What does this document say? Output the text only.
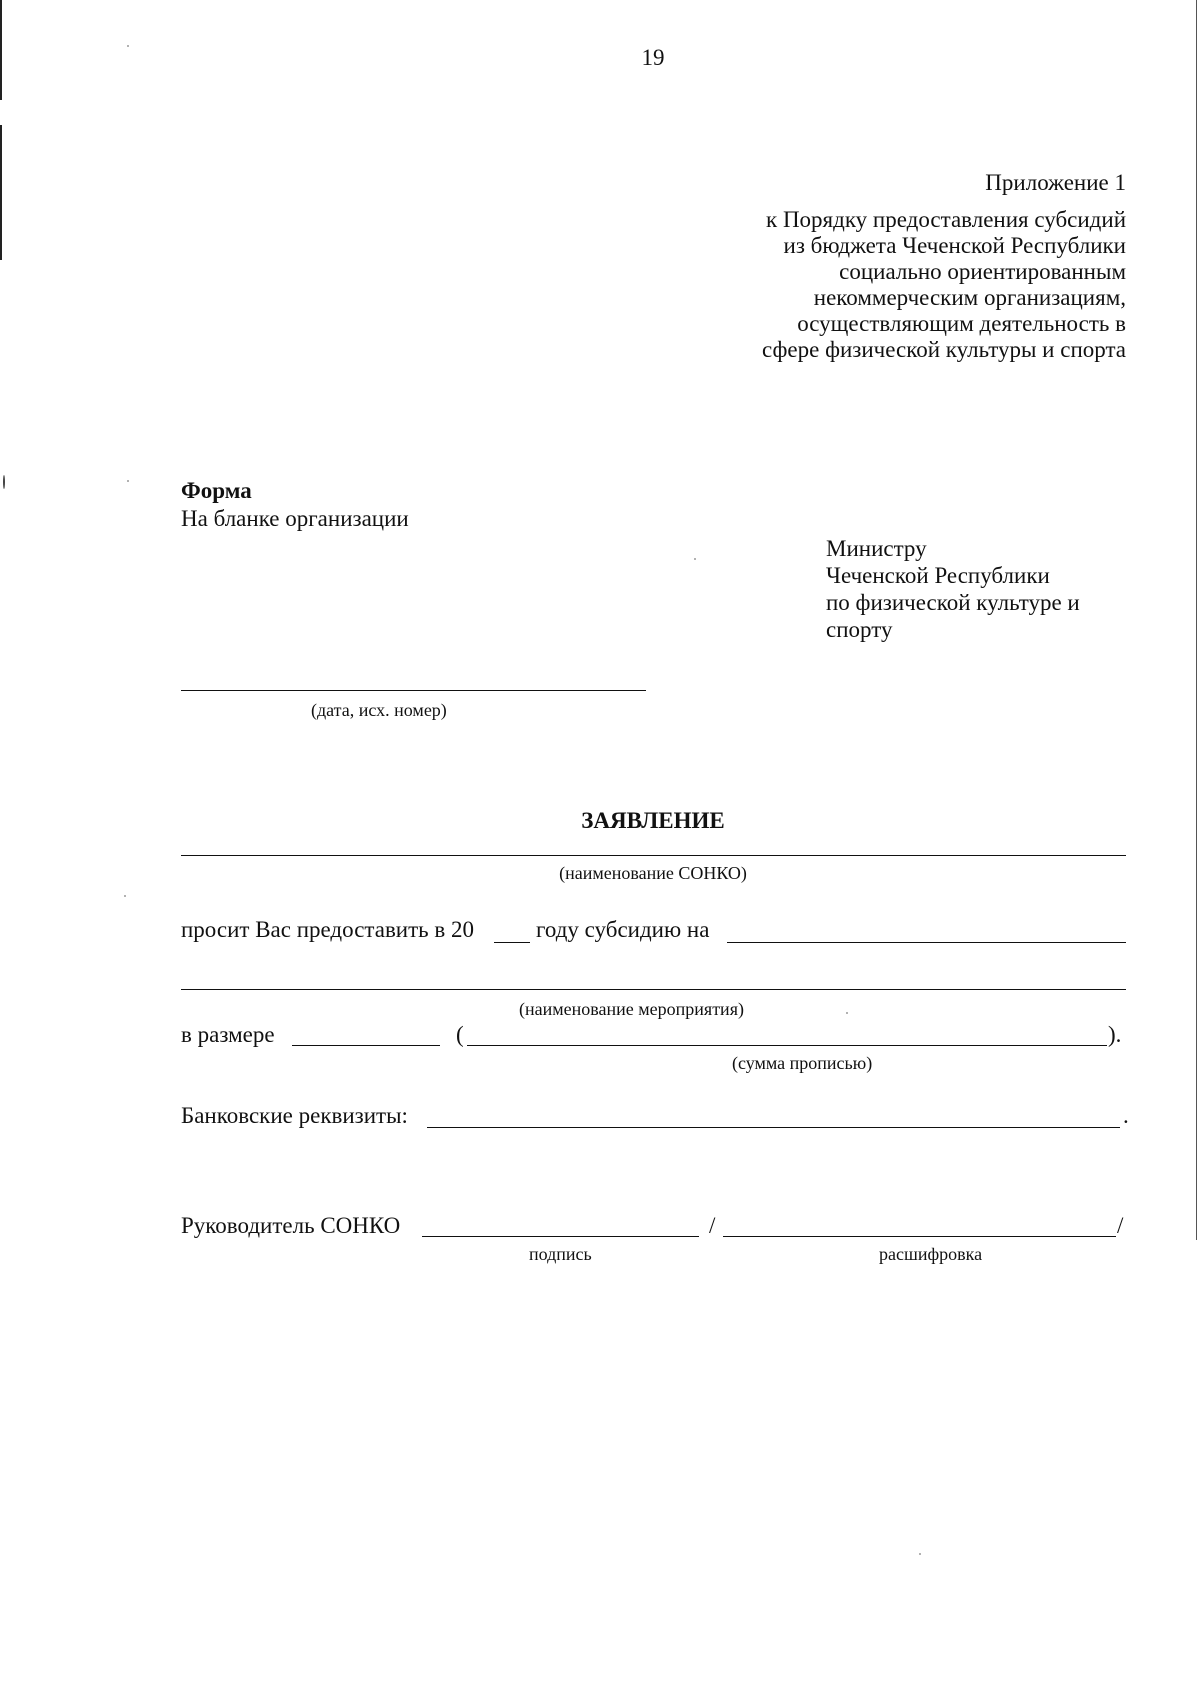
19
Приложение 1
к Порядку предоставления субсидий
из бюджета Чеченской Республики
социально ориентированным
некоммерческим организациям,
осуществляющим деятельность в
сфере физической культуры и спорта
Форма
На бланке организации
Министру
Чеченской Республики
по физической культуре и
спорту
(дата, исх. номер)
ЗАЯВЛЕНИЕ
(наименование СОНКО)
просит Вас предоставить в 20	году субсидию на
(наименование мероприятия)
в размере	(	).
(сумма прописью)
Банковские реквизиты:	.
Руководитель СОНКО	/	/
подпись	расшифровка
